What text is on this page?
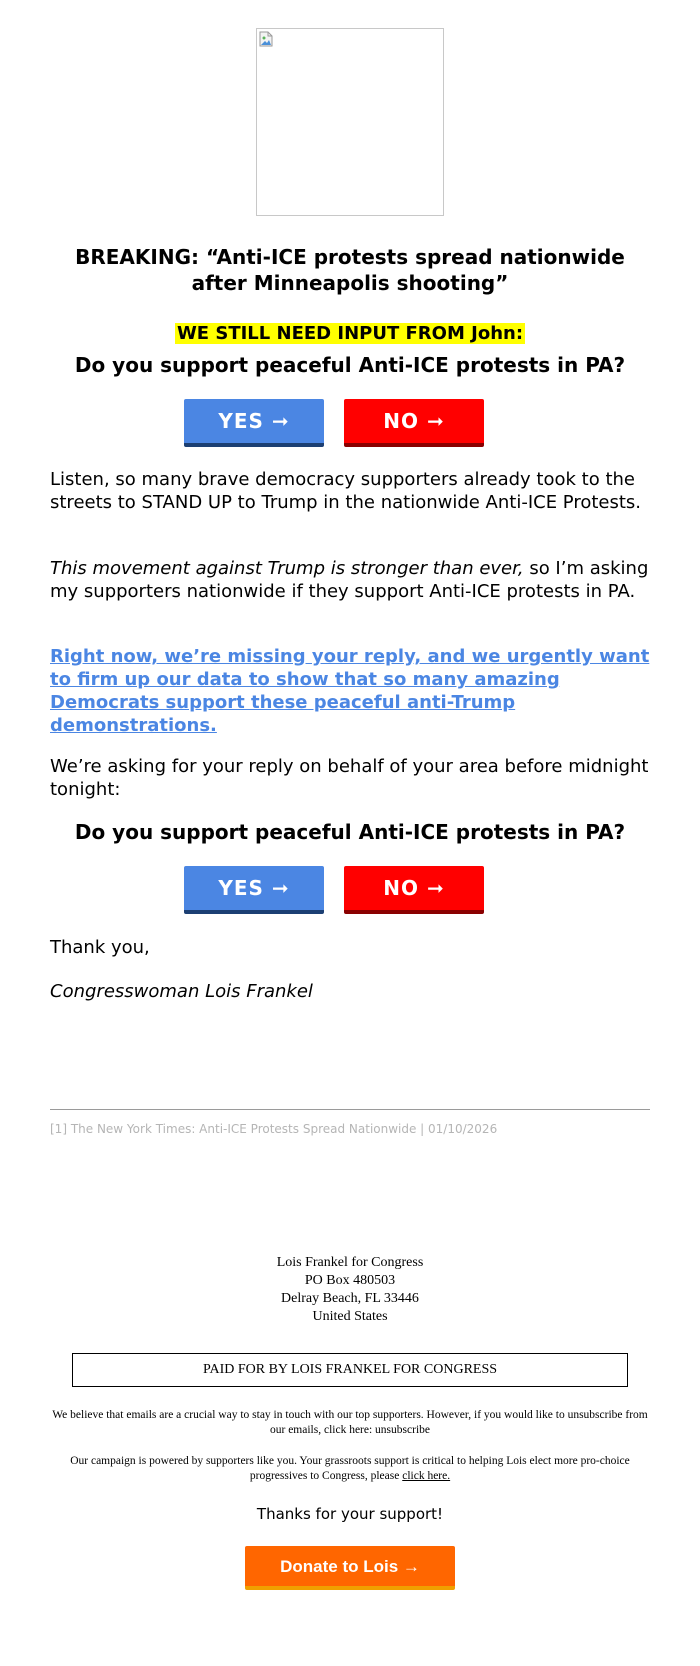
BREAKING: “Anti-ICE protests spread nationwide after Minneapolis shooting”
WE STILL NEED INPUT FROM John:
Do you support peaceful Anti-ICE protests in PA?
YES ➞	NO ➞
Listen, so many brave democracy supporters already took to the streets to STAND UP to Trump in the nationwide Anti-ICE Protests.
This movement against Trump is stronger than ever, so I’m asking my supporters nationwide if they support Anti-ICE protests in PA.
Right now, we’re missing your reply, and we urgently want to firm up our data to show that so many amazing Democrats support these peaceful anti-Trump demonstrations.
We’re asking for your reply on behalf of your area before midnight tonight:
Do you support peaceful Anti-ICE protests in PA?
YES ➞	NO ➞
Thank you,
Congresswoman Lois Frankel
[1] The New York Times: Anti-ICE Protests Spread Nationwide | 01/10/2026
Lois Frankel for Congress
PO Box 480503
Delray Beach, FL 33446
United States
PAID FOR BY LOIS FRANKEL FOR CONGRESS
We believe that emails are a crucial way to stay in touch with our top supporters. However, if you would like to unsubscribe from our emails, click here: unsubscribe
Our campaign is powered by supporters like you. Your grassroots support is critical to helping Lois elect more pro-choice progressives to Congress, please click here.
Thanks for your support!
Donate to Lois →
